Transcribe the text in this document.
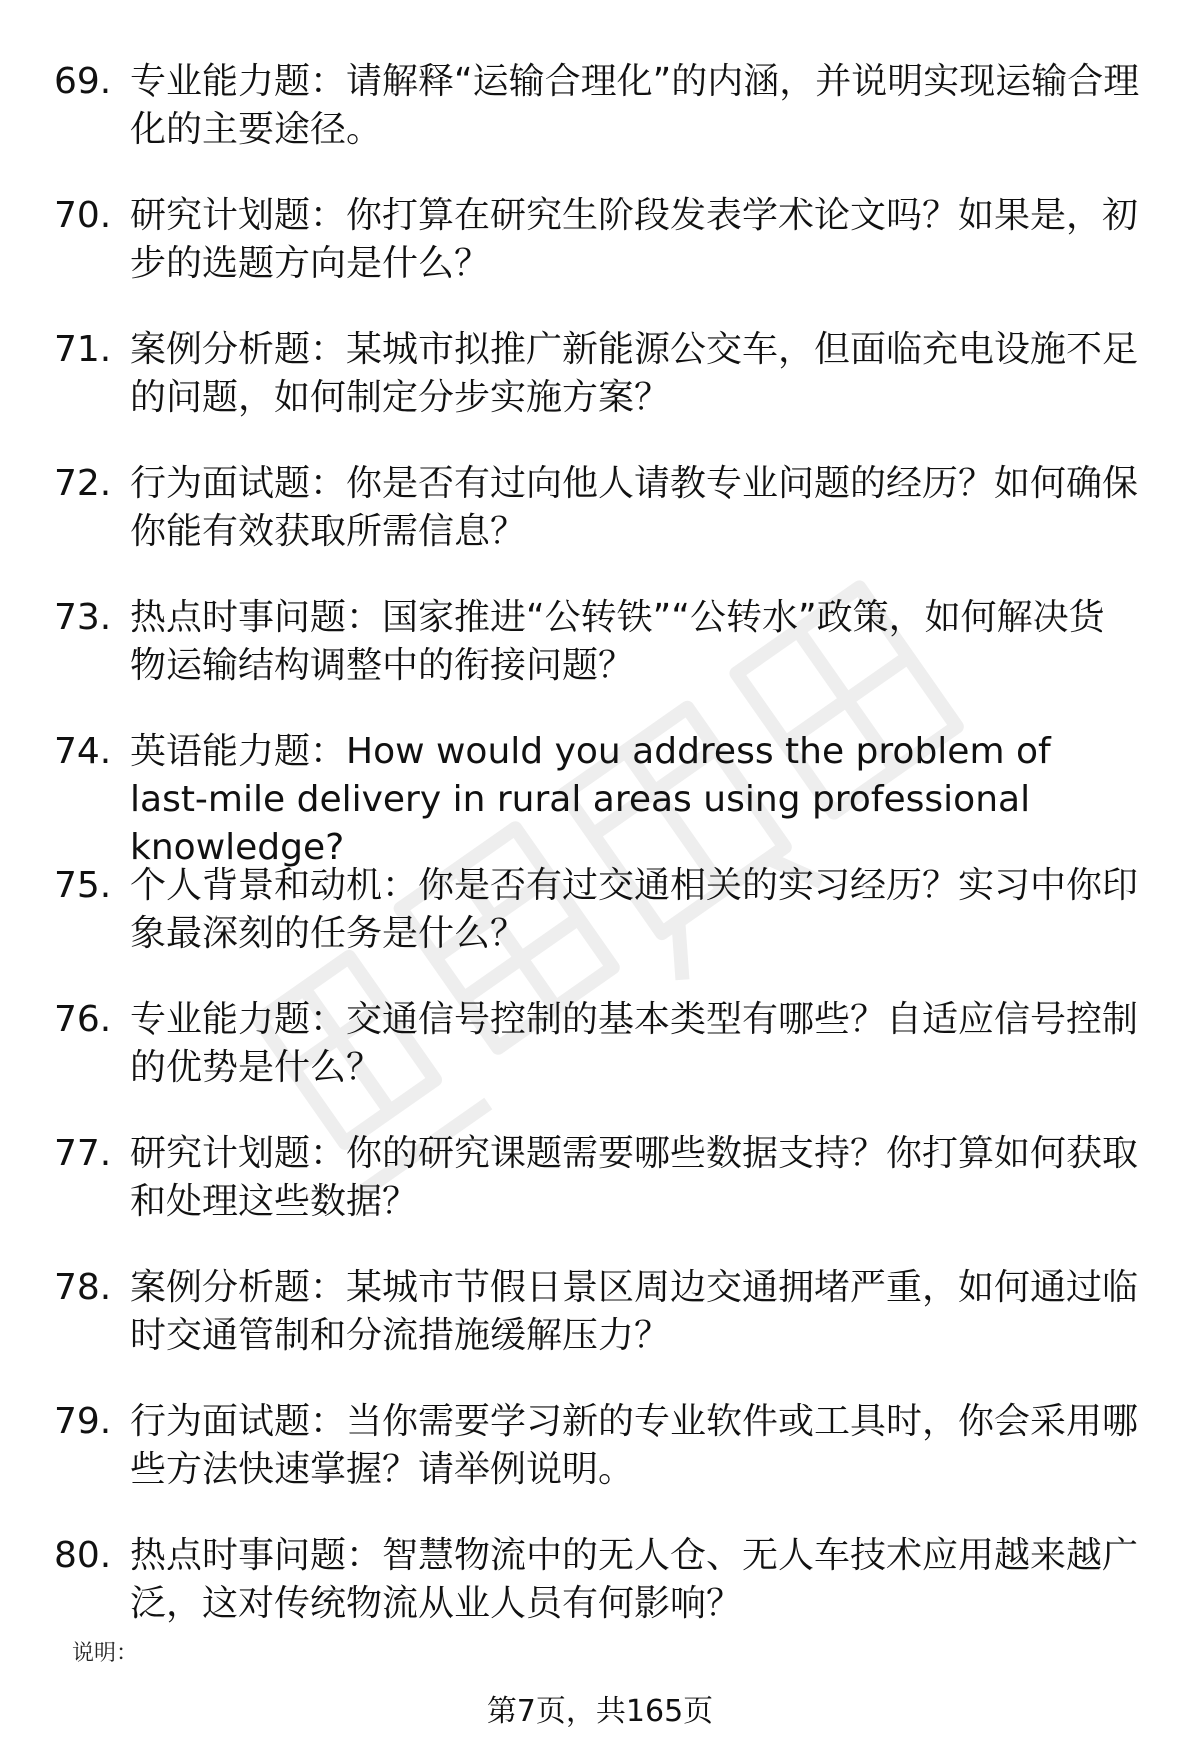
69. 专业能力题：请解释“运输合理化”的内涵，并说明实现运输合理化的主要途径。

70. 研究计划题：你打算在研究生阶段发表学术论文吗？如果是，初步的选题方向是什么？

71. 案例分析题：某城市拟推广新能源公交车，但面临充电设施不足的问题，如何制定分步实施方案？

72. 行为面试题：你是否有过向他人请教专业问题的经历？如何确保你能有效获取所需信息？

73. 热点时事问题：国家推进“公转铁”“公转水”政策，如何解决货物运输结构调整中的衔接问题？

74. 英语能力题：How would you address the problem of last-mile delivery in rural areas using professional knowledge?

75. 个人背景和动机：你是否有过交通相关的实习经历？实习中你印象最深刻的任务是什么？

76. 专业能力题：交通信号控制的基本类型有哪些？自适应信号控制的优势是什么？

77. 研究计划题：你的研究课题需要哪些数据支持？你打算如何获取和处理这些数据？

78. 案例分析题：某城市节假日景区周边交通拥堵严重，如何通过临时交通管制和分流措施缓解压力？

79. 行为面试题：当你需要学习新的专业软件或工具时，你会采用哪些方法快速掌握？请举例说明。

80. 热点时事问题：智慧物流中的无人仓、无人车技术应用越来越广泛，这对传统物流从业人员有何影响？

说明：
第7页，共165页
